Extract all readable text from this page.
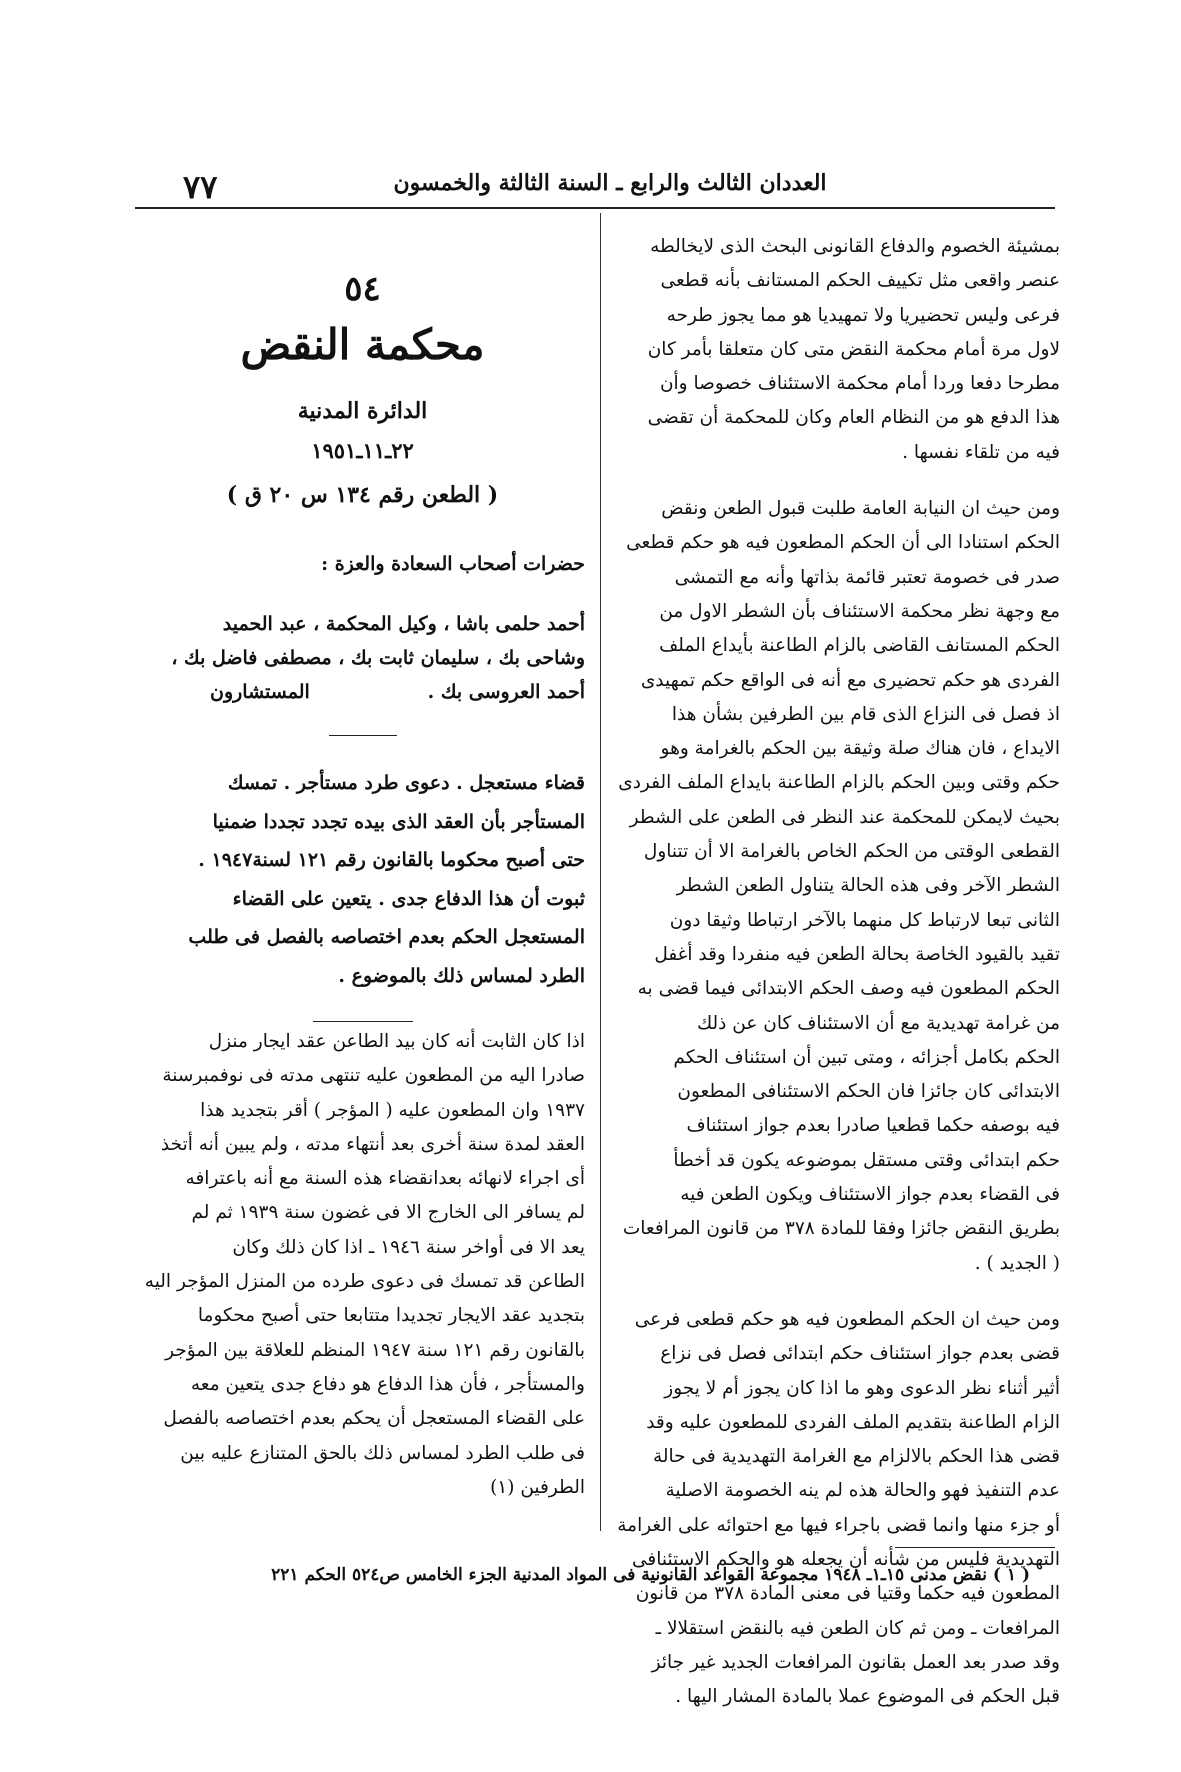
٧٧	العددان الثالث والرابع ـ السنة الثالثة والخمسون

بمشيئة الخصوم والدفاع القانونى البحث الذى لايخالطه
عنصر واقعى مثل تكييف الحكم المستانف بأنه قطعى
فرعى وليس تحضيريا ولا تمهيديا هو مما يجوز طرحه
لاول مرة أمام محكمة النقض متى كان متعلقا بأمر كان
مطرحا دفعا وردا أمام محكمة الاستئناف خصوصا وأن
هذا الدفع هو من النظام العام وكان للمحكمة أن تقضى
فيه من تلقاء نفسها .

ومن حيث ان النيابة العامة طلبت قبول الطعن ونقض
الحكم استنادا الى أن الحكم المطعون فيه هو حكم قطعى
صدر فى خصومة تعتبر قائمة بذاتها وأنه مع التمشى
مع وجهة نظر محكمة الاستئناف بأن الشطر الاول من
الحكم المستانف القاضى بالزام الطاعنة بأيداع الملف
الفردى هو حكم تحضيرى مع أنه فى الواقع حكم تمهيدى
اذ فصل فى النزاع الذى قام بين الطرفين بشأن هذا
الايداع ، فان هناك صلة وثيقة بين الحكم بالغرامة وهو
حكم وقتى وبين الحكم بالزام الطاعنة بايداع الملف الفردى
بحيث لايمكن للمحكمة عند النظر فى الطعن على الشطر
القطعى الوقتى من الحكم الخاص بالغرامة الا أن تتناول
الشطر الآخر وفى هذه الحالة يتناول الطعن الشطر
الثانى تبعا لارتباط كل منهما بالآخر ارتباطا وثيقا دون
تقيد بالقيود الخاصة بحالة الطعن فيه منفردا وقد أغفل
الحكم المطعون فيه وصف الحكم الابتدائى فيما قضى به
من غرامة تهديدية مع أن الاستئناف كان عن ذلك
الحكم بكامل أجزائه ، ومتى تبين أن استئناف الحكم
الابتدائى كان جائزا فان الحكم الاستئنافى المطعون
فيه بوصفه حكما قطعيا صادرا بعدم جواز استئناف
حكم ابتدائى وقتى مستقل بموضوعه يكون قد أخطأ
فى القضاء بعدم جواز الاستئناف ويكون الطعن فيه
بطريق النقض جائزا وفقا للمادة ٣٧٨ من قانون المرافعات
( الجديد ) .

ومن حيث ان الحكم المطعون فيه هو حكم قطعى فرعى
قضى بعدم جواز استئناف حكم ابتدائى فصل فى نزاع
أثير أثناء نظر الدعوى وهو ما اذا كان يجوز أم لا يجوز
الزام الطاعنة بتقديم الملف الفردى للمطعون عليه وقد
قضى هذا الحكم بالالزام مع الغرامة التهديدية فى حالة
عدم التنفيذ فهو والحالة هذه لم ينه الخصومة الاصلية
أو جزء منها وانما قضى باجراء فيها مع احتوائه على الغرامة
التهديدية فليس من شأنه أن يجعله هو والحكم الاستئنافى
المطعون فيه حكما وقتيا فى معنى المادة ٣٧٨ من قانون
المرافعات ـ ومن ثم كان الطعن فيه بالنقض استقلالا ـ
وقد صدر بعد العمل بقانون المرافعات الجديد غير جائز
قبل الحكم فى الموضوع عملا بالمادة المشار اليها .

٥٤
محكمة النقض
الدائرة المدنية
٢٢ـ١١ـ١٩٥١
( الطعن رقم ١٣٤ س ٢٠ ق )
حضرات أصحاب السعادة والعزة :
أحمد حلمى باشا ، وكيل المحكمة ، عبد الحميد
وشاحى بك ، سليمان ثابت بك ، مصطفى فاضل بك ،
أحمد العروسى بك .
المستشارون
قضاء مستعجل . دعوى طرد مستأجر . تمسك
المستأجر بأن العقد الذى بيده تجدد تجددا ضمنيا
حتى أصبح محكوما بالقانون رقم ١٢١ لسنة١٩٤٧ .
ثبوت أن هذا الدفاع جدى . يتعين على القضاء
المستعجل الحكم بعدم اختصاصه بالفصل فى طلب
الطرد لمساس ذلك بالموضوع .

اذا كان الثابت أنه كان بيد الطاعن عقد ايجار منزل
صادرا اليه من المطعون عليه تنتهى مدته فى نوفمبرسنة
١٩٣٧ وان المطعون عليه ( المؤجر ) أقر بتجديد هذا
العقد لمدة سنة أخرى بعد أنتهاء مدته ، ولم يبين أنه أتخذ
أى اجراء لانهائه بعدانقضاء هذه السنة مع أنه باعترافه
لم يسافر الى الخارج الا فى غضون سنة ١٩٣٩ ثم لم
يعد الا فى أواخر سنة ١٩٤٦ ـ اذا كان ذلك وكان
الطاعن قد تمسك فى دعوى طرده من المنزل المؤجر اليه
بتجديد عقد الايجار تجديدا متتابعا حتى أصبح محكوما
بالقانون رقم ١٢١ سنة ١٩٤٧ المنظم للعلاقة بين المؤجر
والمستأجر ، فأن هذا الدفاع هو دفاع جدى يتعين معه
على القضاء المستعجل أن يحكم بعدم اختصاصه بالفصل
فى طلب الطرد لمساس ذلك بالحق المتنازع عليه بين
الطرفين (١)

( ١ ) نقض مدنى ١٥ـ١ـ ١٩٤٨ مجموعة القواعد القانونية فى المواد المدنية الجزء الخامس ص٥٢٤ الحكم ٢٢١
